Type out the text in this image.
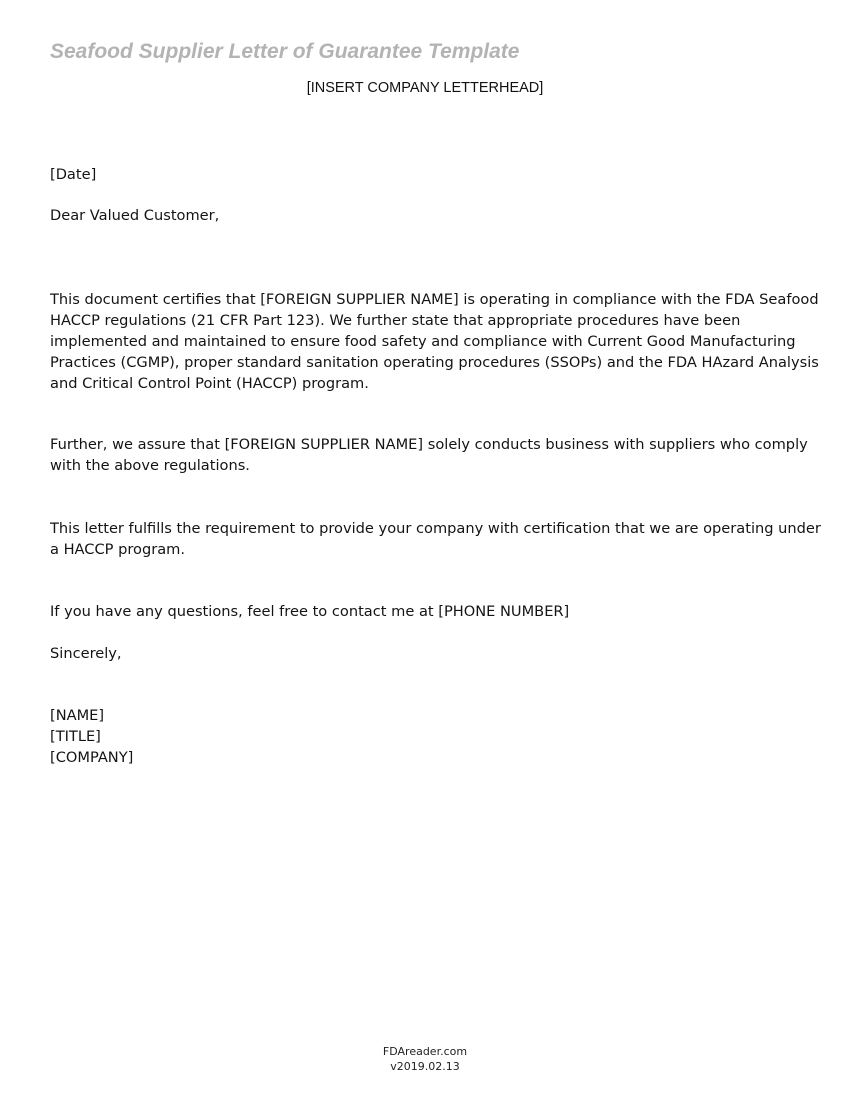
Seafood Supplier Letter of Guarantee Template
[INSERT COMPANY LETTERHEAD]
[Date]
Dear Valued Customer,
This document certifies that [FOREIGN SUPPLIER NAME] is operating in compliance with the FDA Seafood
HACCP regulations (21 CFR Part 123). We further state that appropriate procedures have been
implemented and maintained to ensure food safety and compliance with Current Good Manufacturing
Practices (CGMP), proper standard sanitation operating procedures (SSOPs) and the FDA HAzard Analysis
and Critical Control Point (HACCP) program.
Further, we assure that [FOREIGN SUPPLIER NAME] solely conducts business with suppliers who comply
with the above regulations.
This letter fulfills the requirement to provide your company with certification that we are operating under
a HACCP program.
If you have any questions, feel free to contact me at [PHONE NUMBER]
Sincerely,
[NAME]
[TITLE]
[COMPANY]
FDAreader.com
v2019.02.13
